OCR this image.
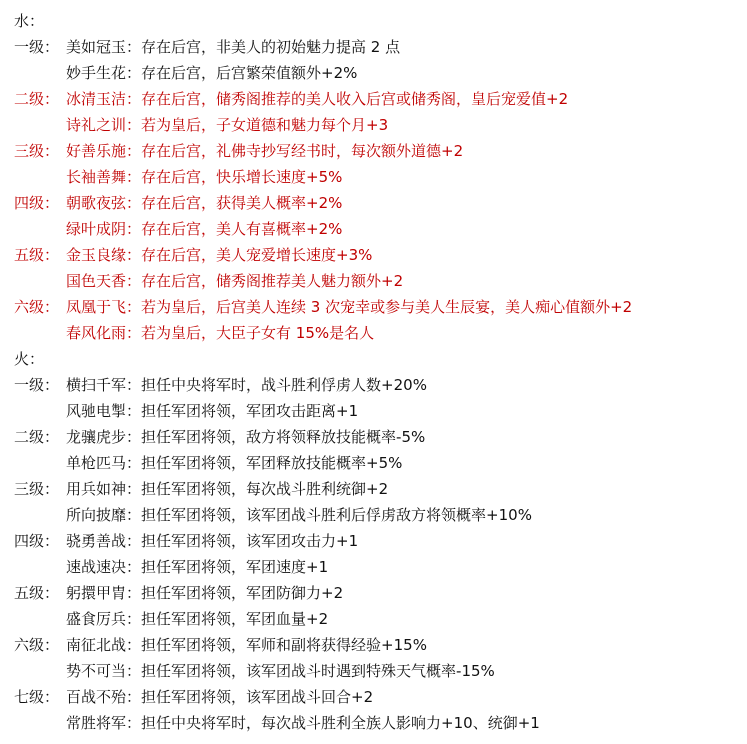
水：
一级： 美如冠玉 ： 存在后宫，非美人的初始魅力提高 2 点
妙手生花 ： 存在后宫，后宫繁荣值额外+2%
二级： 冰清玉洁 ： 存在后宫，储秀阁推荐的美人收入后宫或储秀阁，皇后宠爱值+2
诗礼之训 ： 若为皇后，子女道德和魅力每个月+3
三级： 好善乐施 ： 存在后宫，礼佛寺抄写经书时，每次额外道德+2
长袖善舞 ： 存在后宫，快乐增长速度+5%
四级： 朝歌夜弦 ： 存在后宫，获得美人概率+2%
绿叶成阴 ： 存在后宫，美人有喜概率+2%
五级： 金玉良缘 ： 存在后宫，美人宠爱增长速度+3%
国色天香 ： 存在后宫，储秀阁推荐美人魅力额外+2
六级： 凤凰于飞 ： 若为皇后，后宫美人连续 3 次宠幸或参与美人生辰宴，美人痴心值额外+2
春风化雨 ： 若为皇后，大臣子女有 15%是名人
火：
一级： 横扫千军 ： 担任中央将军时，战斗胜利俘虏人数+20%
风驰电掣 ： 担任军团将领，军团攻击距离+1
二级： 龙骧虎步 ： 担任军团将领，敌方将领释放技能概率-5%
单枪匹马 ： 担任军团将领，军团释放技能概率+5%
三级： 用兵如神 ： 担任军团将领，每次战斗胜利统御+2
所向披靡 ： 担任军团将领，该军团战斗胜利后俘虏敌方将领概率+10%
四级： 骁勇善战 ： 担任军团将领，该军团攻击力+1
速战速决 ： 担任军团将领，军团速度+1
五级： 躬擐甲胄 ： 担任军团将领，军团防御力+2
盛食厉兵 ： 担任军团将领，军团血量+2
六级： 南征北战 ： 担任军团将领，军师和副将获得经验+15%
势不可当 ： 担任军团将领，该军团战斗时遇到特殊天气概率-15%
七级： 百战不殆 ： 担任军团将领，该军团战斗回合+2
常胜将军 ： 担任中央将军时，每次战斗胜利全族人影响力+10、统御+1
